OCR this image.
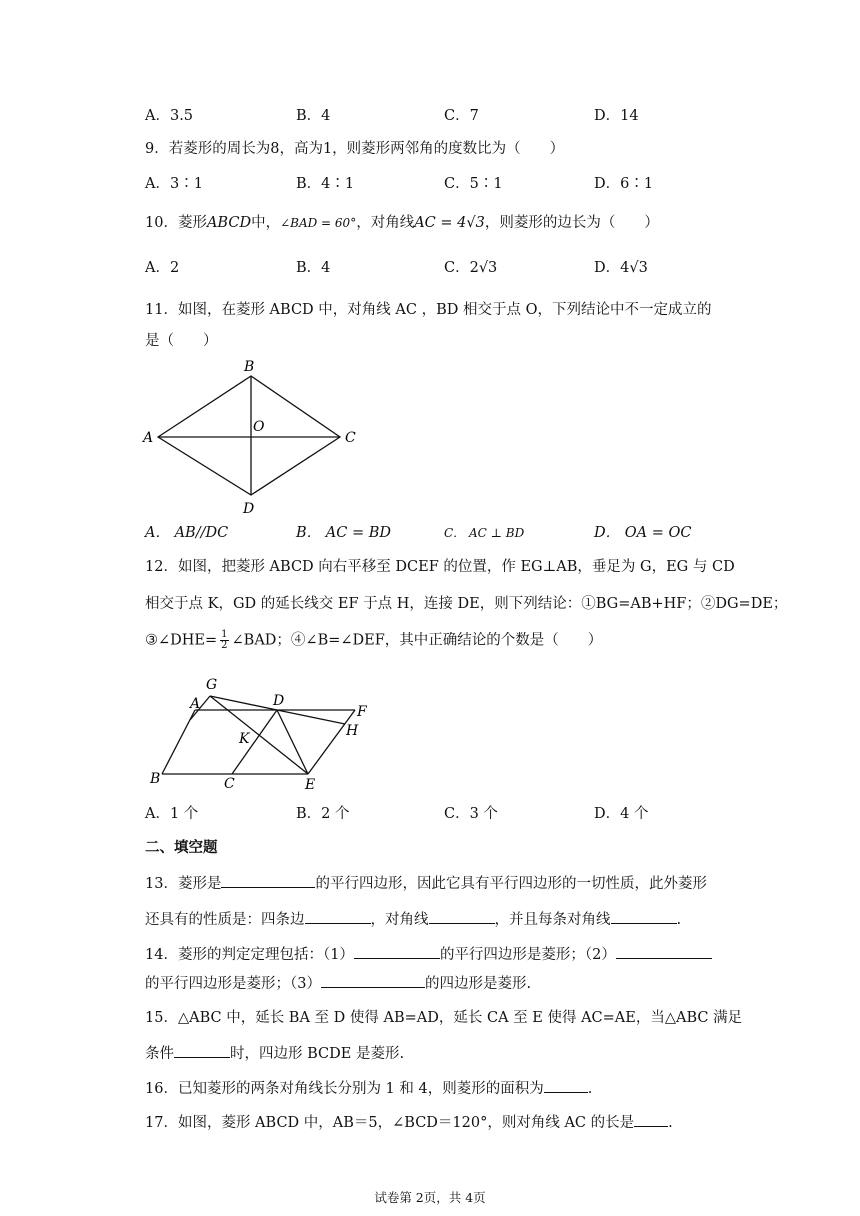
A．3.5	B．4	C．7	D．14
9．若菱形的周长为8，高为1，则菱形两邻角的度数比为（　　）
A．3∶1	B．4∶1	C．5∶1	D．6∶1
10．菱形ABCD中，∠BAD = 60°，对角线AC = 4√3，则菱形的边长为（　　）
A．2	B．4	C．2√3	D．4√3
11．如图，在菱形 ABCD 中，对角线 AC ，BD 相交于点 O，下列结论中不一定成立的
是（　　）
B
A
O
C
D
A． AB//DC	B． AC = BD	C． AC ⊥ BD	D． OA = OC
12．如图，把菱形 ABCD 向右平移至 DCEF 的位置，作 EG⊥AB，垂足为 G，EG 与 CD
相交于点 K，GD 的延长线交 EF 于点 H，连接 DE，则下列结论：①BG=AB+HF；②DG=DE；
③∠DHE= $\frac{1}{2}$ ∠BAD；④∠B=∠DEF，其中正确结论的个数是（　　）
G
A	D
F
H
K
B	C	E
A．1 个	B．2 个	C．3 个	D．4 个
二、填空题
13．菱形是	的平行四边形，因此它具有平行四边形的一切性质，此外菱形
还具有的性质是：四条边	，对角线	，并且每条对角线	.
14．菱形的判定定理包括：（1）	的平行四边形是菱形；（2）
的平行四边形是菱形；（3）	的四边形是菱形.
15．△ABC 中，延长 BA 至 D 使得 AB=AD，延长 CA 至 E 使得 AC=AE，当△ABC 满足
条件	时，四边形 BCDE 是菱形.
16．已知菱形的两条对角线长分别为 1 和 4，则菱形的面积为	.
17．如图，菱形 ABCD 中，AB＝5，∠BCD＝120°，则对角线 AC 的长是 .
试卷第 2页，共 4页
